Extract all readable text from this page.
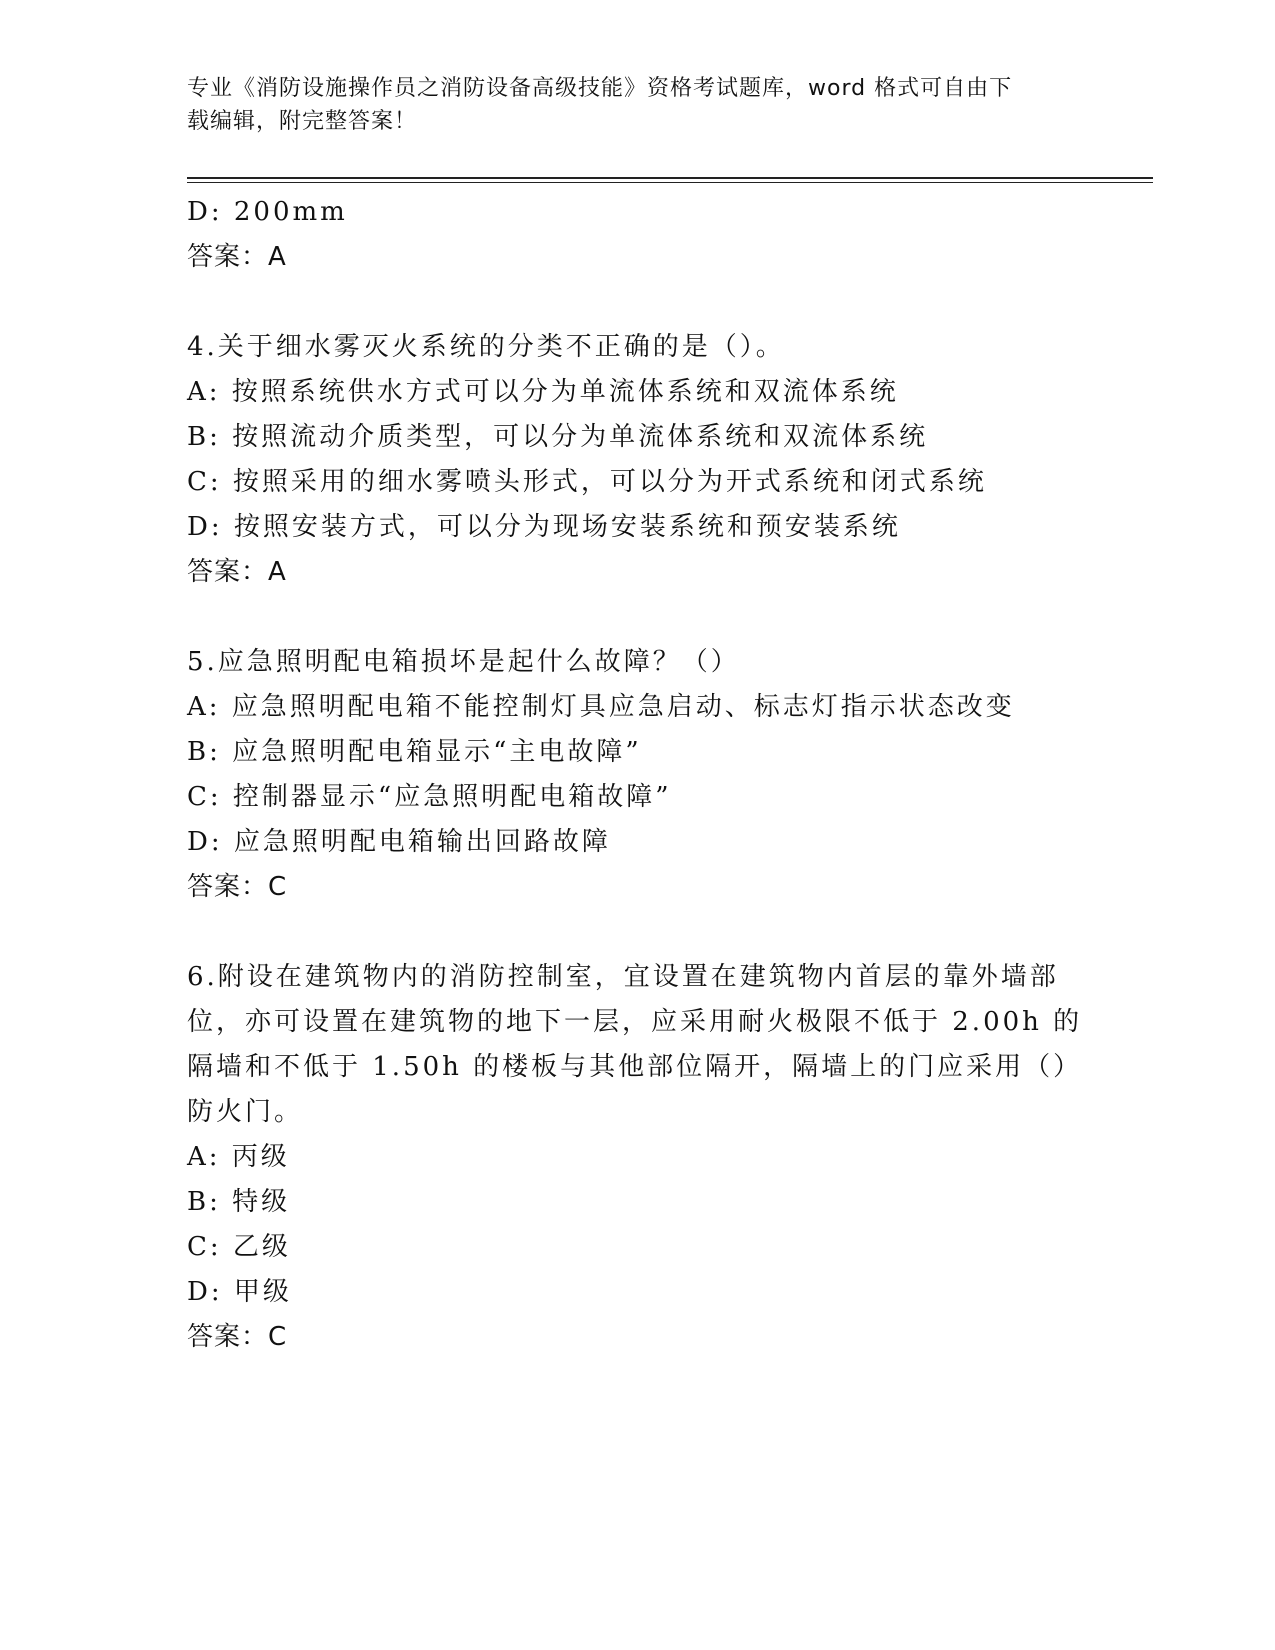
专业《消防设施操作员之消防设备高级技能》资格考试题库，word 格式可自由下
载编辑，附完整答案！
D: 200mm
答案：A
4.关于细水雾灭火系统的分类不正确的是（）。
A: 按照系统供水方式可以分为单流体系统和双流体系统
B: 按照流动介质类型，可以分为单流体系统和双流体系统
C: 按照采用的细水雾喷头形式，可以分为开式系统和闭式系统
D: 按照安装方式，可以分为现场安装系统和预安装系统
答案：A
5.应急照明配电箱损坏是起什么故障？（）
A: 应急照明配电箱不能控制灯具应急启动、标志灯指示状态改变
B: 应急照明配电箱显示“主电故障”
C: 控制器显示“应急照明配电箱故障”
D: 应急照明配电箱输出回路故障
答案：C
6.附设在建筑物内的消防控制室，宜设置在建筑物内首层的靠外墙部
位，亦可设置在建筑物的地下一层，应采用耐火极限不低于 2.00h 的
隔墙和不低于 1.50h 的楼板与其他部位隔开，隔墙上的门应采用（）
防火门。
A: 丙级
B: 特级
C: 乙级
D: 甲级
答案：C
